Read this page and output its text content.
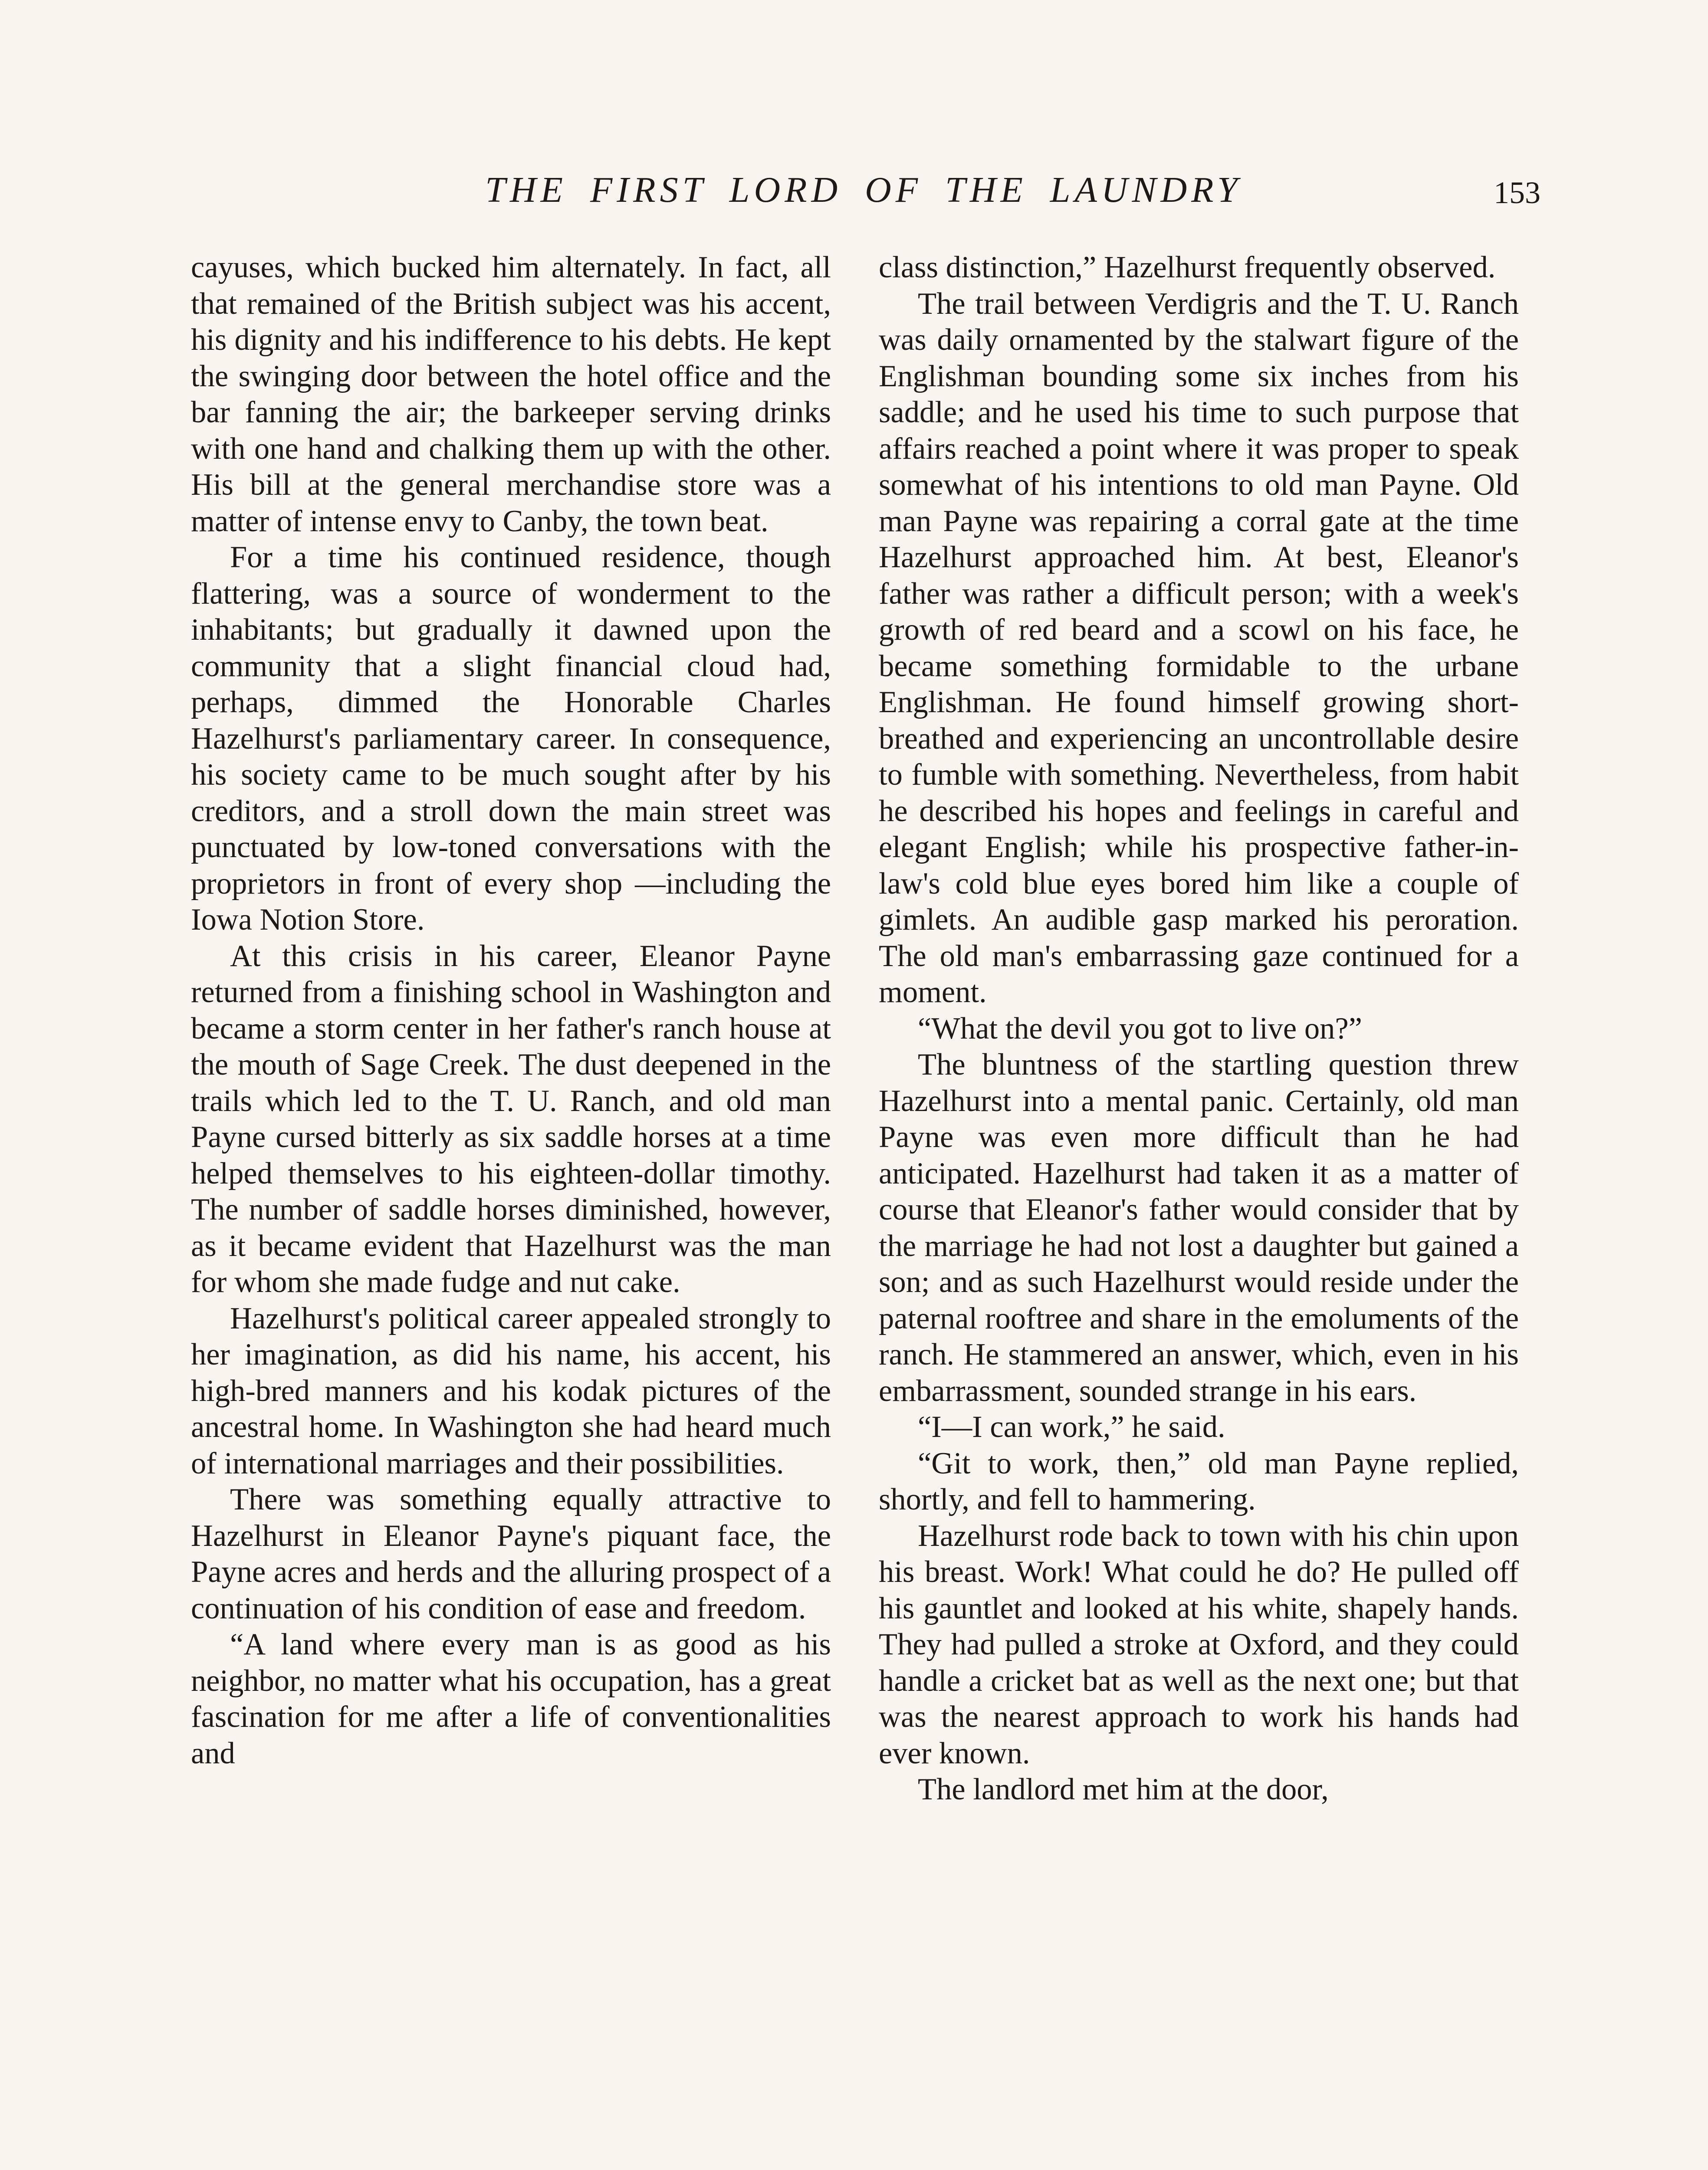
THE FIRST LORD OF THE LAUNDRY	153

cayuses, which bucked him alternately. In fact, all that remained of the British subject was his accent, his dignity and his indifference to his debts. He kept the swinging door between the hotel office and the bar fanning the air; the barkeeper serving drinks with one hand and chalking them up with the other. His bill at the general merchandise store was a matter of intense envy to Canby, the town beat.

For a time his continued residence, though flattering, was a source of wonderment to the inhabitants; but gradually it dawned upon the community that a slight financial cloud had, perhaps, dimmed the Honorable Charles Hazelhurst's parliamentary career. In consequence, his society came to be much sought after by his creditors, and a stroll down the main street was punctuated by low-toned conversations with the proprietors in front of every shop —including the Iowa Notion Store.

At this crisis in his career, Eleanor Payne returned from a finishing school in Washington and became a storm center in her father's ranch house at the mouth of Sage Creek. The dust deepened in the trails which led to the T. U. Ranch, and old man Payne cursed bitterly as six saddle horses at a time helped themselves to his eighteen-dollar timothy. The number of saddle horses diminished, however, as it became evident that Hazelhurst was the man for whom she made fudge and nut cake.

Hazelhurst's political career appealed strongly to her imagination, as did his name, his accent, his high-bred manners and his kodak pictures of the ancestral home. In Washington she had heard much of international marriages and their possibilities.

There was something equally attractive to Hazelhurst in Eleanor Payne's piquant face, the Payne acres and herds and the alluring prospect of a continuation of his condition of ease and freedom.

“A land where every man is as good as his neighbor, no matter what his occupation, has a great fascination for me after a life of conventionalities and

class distinction,” Hazelhurst frequently observed.

The trail between Verdigris and the T. U. Ranch was daily ornamented by the stalwart figure of the Englishman bounding some six inches from his saddle; and he used his time to such purpose that affairs reached a point where it was proper to speak somewhat of his intentions to old man Payne. Old man Payne was repairing a corral gate at the time Hazelhurst approached him. At best, Eleanor's father was rather a difficult person; with a week's growth of red beard and a scowl on his face, he became something formidable to the urbane Englishman. He found himself growing short-breathed and experiencing an uncontrollable desire to fumble with something. Nevertheless, from habit he described his hopes and feelings in careful and elegant English; while his prospective father-in-law's cold blue eyes bored him like a couple of gimlets. An audible gasp marked his peroration. The old man's embarrassing gaze continued for a moment.

“What the devil you got to live on?”

The bluntness of the startling question threw Hazelhurst into a mental panic. Certainly, old man Payne was even more difficult than he had anticipated. Hazelhurst had taken it as a matter of course that Eleanor's father would consider that by the marriage he had not lost a daughter but gained a son; and as such Hazelhurst would reside under the paternal rooftree and share in the emoluments of the ranch. He stammered an answer, which, even in his embarrassment, sounded strange in his ears.

“I—I can work,” he said.

“Git to work, then,” old man Payne replied, shortly, and fell to hammering.

Hazelhurst rode back to town with his chin upon his breast. Work! What could he do? He pulled off his gauntlet and looked at his white, shapely hands. They had pulled a stroke at Oxford, and they could handle a cricket bat as well as the next one; but that was the nearest approach to work his hands had ever known.

The landlord met him at the door,
